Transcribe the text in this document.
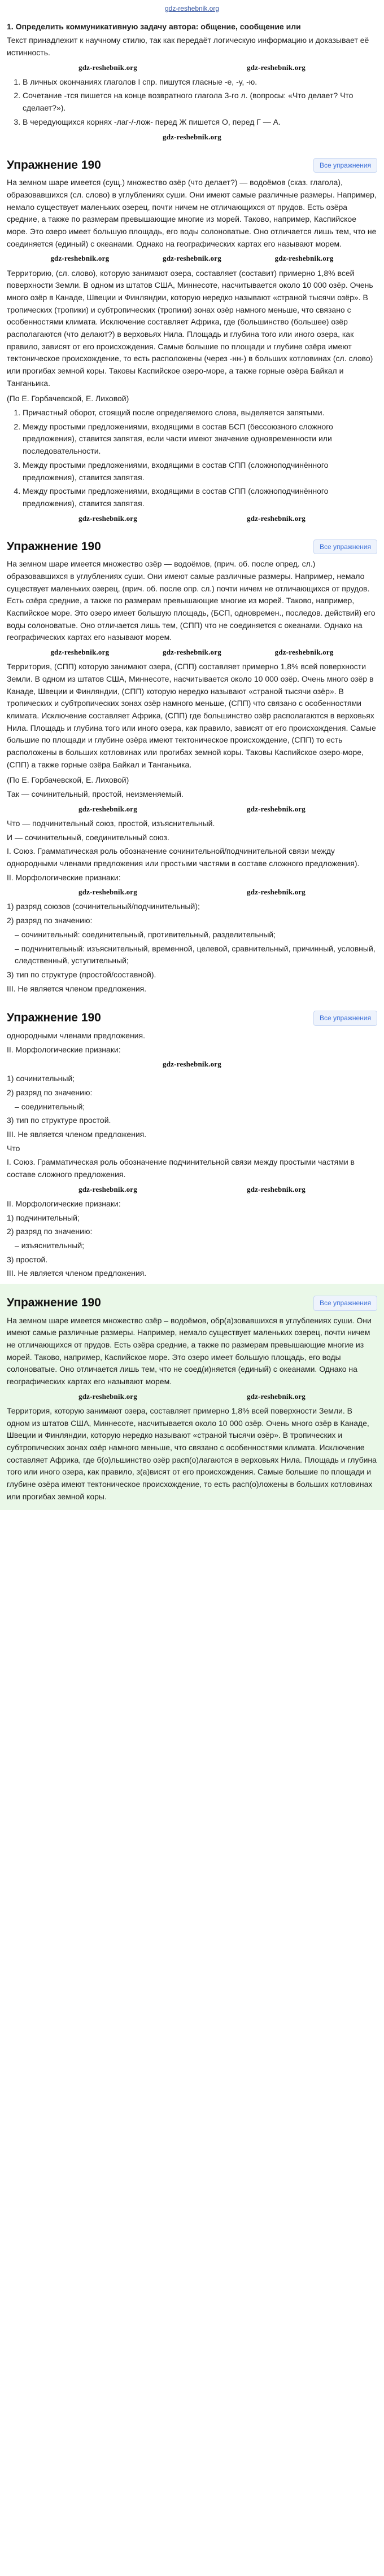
gdz-reshebnik.org
1. Определить коммуникативную задачу автора: общение, сообщение или

Текст принадлежит к научному стилю, так как передаёт логическую информацию и доказывает её истинность.

gdz-reshebnik.org	gdz-reshebnik.org
1. В личных окончаниях глаголов I спр. пишутся гласные -е, -у, -ю.
2. Сочетание -тся пишется на конце возвратного глагола 3-го л. (вопросы: «Что делает? Что сделает?»).
3. В чередующихся корнях -лаг-/-лож- перед Ж пишется О, перед Г — А.
gdz-reshebnik.org
Упражнение 190	Все упражнения

На земном шаре имеется (сущ.) множество озёр (что делает?) — водоёмов (сказ. глагола), образовавшихся (сл. слово) в углублениях суши. Они имеют самые различные размеры. Например, немало существует маленьких озерец, почти ничем не отличающихся от прудов. Есть озёра средние, а также по размерам превышающие многие из морей. Таково, например, Каспийское море. Это озеро имеет большую площадь, его воды солоноватые. Оно отличается лишь тем, что не соединяется (единый) с океанами. Однако на географических картах его называют морем.

gdz-reshebnik.org	gdz-reshebnik.org	gdz-reshebnik.org

Территорию, (сл. слово), которую занимают озера, составляет (составит) примерно 1,8% всей поверхности Земли. В одном из штатов США, Миннесоте, насчитывается около 10 000 озёр. Очень много озёр в Канаде, Швеции и Финляндии, которую нередко называют «страной тысячи озёр». В тропических (тропики) и субтропических (тропики) зонах озёр намного меньше, что связано с особенностями климата. Исключение составляет Африка, где (большинство (большее) озёр располагаются (что делают?) в верховьях Нила. Площадь и глубина того или иного озера, как правило, зависят от его происхождения. Самые большие по площади и глубине озёра имеют тектоническое происхождение, то есть расположены (через -нн-) в больших котловинах (сл. слово) или прогибах земной коры. Таковы Каспийское озеро-море, а также горные озёра Байкал и Танганьика.

(По Е. Горбачевской, Е. Лиховой)

1. Причастный оборот, стоящий после определяемого слова, выделяется запятыми.
2. Между простыми предложениями, входящими в состав БСП (бессоюзного сложного предложения), ставится запятая, если части имеют значение одновременности или последовательности.
3. Между простыми предложениями, входящими в состав СПП (сложноподчинённого предложения), ставится запятая.
4. Между простыми предложениями, входящими в состав СПП (сложноподчинённого предложения), ставится запятая.
gdz-reshebnik.org	gdz-reshebnik.org
Упражнение 190	Все упражнения

На земном шаре имеется множество озёр — водоёмов, (прич. об. после опред. сл.) образовавшихся в углублениях суши. Они имеют самые различные размеры. Например, немало существует маленьких озерец, (прич. об. после опр. сл.) почти ничем не отличающихся от прудов. Есть озёра средние, а также по размерам превышающие многие из морей. Таково, например, Каспийское море. Это озеро имеет большую площадь, (БСП, одновремен., последов. действий) его воды солоноватые. Оно отличается лишь тем, (СПП) что не соединяется с океанами. Однако на географических картах его называют морем.

gdz-reshebnik.org	gdz-reshebnik.org	gdz-reshebnik.org

Территория, (СПП) которую занимают озера, (СПП) составляет примерно 1,8% всей поверхности Земли. В одном из штатов США, Миннесоте, насчитывается около 10 000 озёр. Очень много озёр в Канаде, Швеции и Финляндии, (СПП) которую нередко называют «страной тысячи озёр». В тропических и субтропических зонах озёр намного меньше, (СПП) что связано с особенностями климата. Исключение составляет Африка, (СПП) где большинство озёр располагаются в верховьях Нила. Площадь и глубина того или иного озера, как правило, зависят от его происхождения. Самые большие по площади и глубине озёра имеют тектоническое происхождение, (СПП) то есть расположены в больших котловинах или прогибах земной коры. Таковы Каспийское озеро-море, (СПП) а также горные озёра Байкал и Танганьика.

(По Е. Горбачевской, Е. Лиховой)

Так — сочинительный, простой, неизменяемый.

gdz-reshebnik.org	gdz-reshebnik.org

Что — подчинительный союз, простой, изъяснительный.

И — сочинительный, соединительный союз.

I. Союз. Грамматическая роль обозначение сочинительной/подчинительной связи между однородными членами предложения или простыми частями в составе сложного предложения).

II. Морфологические признаки:

gdz-reshebnik.org	gdz-reshebnik.org

1) разряд союзов (сочинительный/подчинительный);

2) разряд по значению:

– сочинительный: соединительный, противительный, разделительный;
– подчинительный: изъяснительный, временной, целевой, сравнительный, причинный, условный, следственный, уступительный;

3) тип по структуре (простой/составной).

III. Не является членом предложения.

Упражнение 190	Все упражнения

однородными членами предложения.

II. Морфологические признаки:

gdz-reshebnik.org

1) сочинительный;

2) разряд по значению:

– соединительный;

3) тип по структуре простой.

III. Не является членом предложения.

Что

I. Союз. Грамматическая роль обозначение подчинительной связи между простыми частями в составе сложного предложения.

gdz-reshebnik.org	gdz-reshebnik.org

II. Морфологические признаки:

1) подчинительный;

2) разряд по значению:

– изъяснительный;

3) простой.

III. Не является членом предложения.

Упражнение 190	Все упражнения

На земном шаре имеется множество озёр – водоёмов, обр(а)зовавшихся в углублениях суши. Они имеют самые различные размеры. Например, немало существует маленьких озерец, почти ничем не отличающихся от прудов. Есть озёра средние, а также по размерам превышающие многие из морей. Таково, например, Каспийское море. Это озеро имеет большую площадь, его воды солоноватые. Оно отличается лишь тем, что не соед(и)няется (единый) с океанами. Однако на географических картах его называют морем.

gdz-reshebnik.org	gdz-reshebnik.org

Территория, которую занимают озера, составляет примерно 1,8% всей поверхности Земли. В одном из штатов США, Миннесоте, насчитывается около 10 000 озёр. Очень много озёр в Канаде, Швеции и Финляндии, которую нередко называют «страной тысячи озёр». В тропических и субтропических зонах озёр намного меньше, что связано с особенностями климата. Исключение составляет Африка, где б(о)льшинство озёр расп(о)лагаются в верховьях Нила. Площадь и глубина того или иного озера, как правило, з(а)висят от его происхождения. Самые большие по площади и глубине озёра имеют тектоническое происхождение, то есть расп(о)ложены в больших котловинах или прогибах земной коры.
